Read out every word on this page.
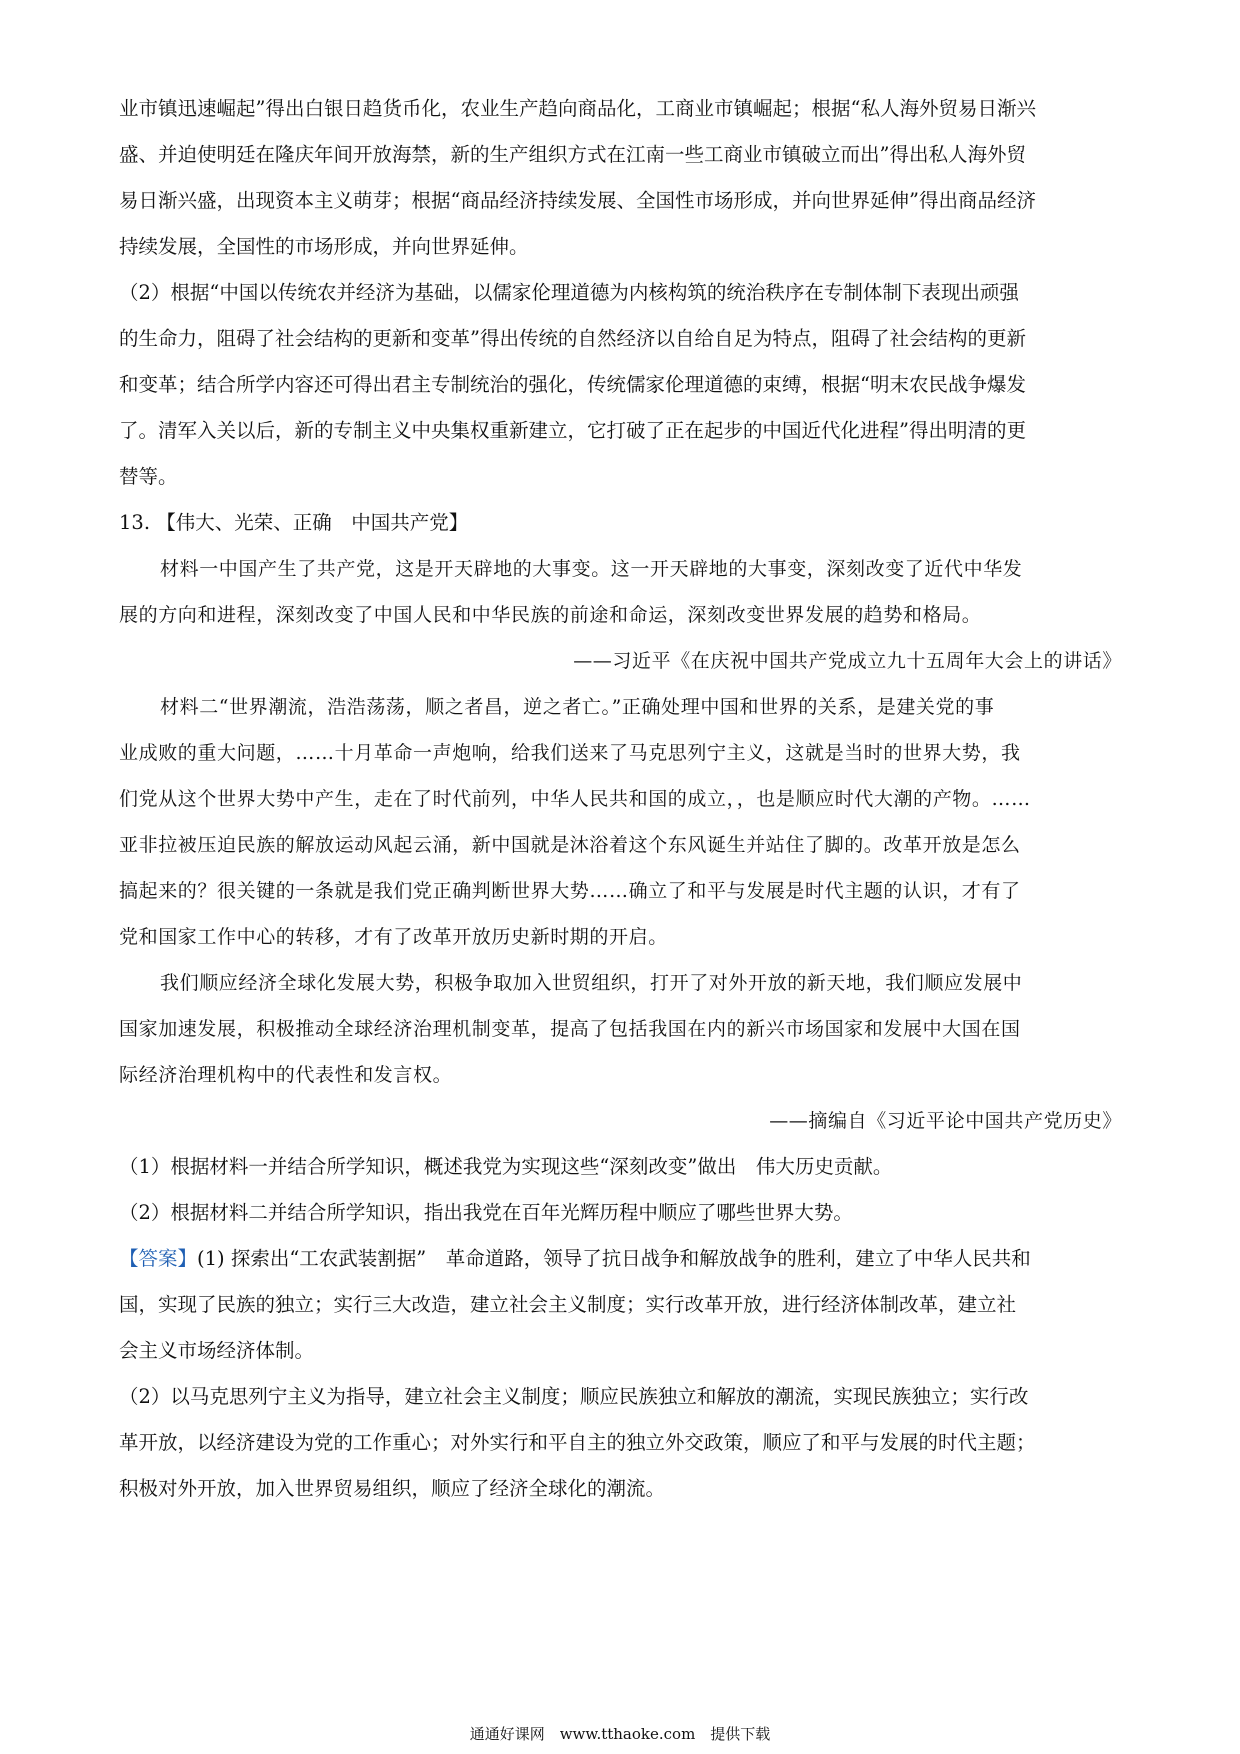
业市镇迅速崛起”得出白银日趋货币化，农业生产趋向商品化，工商业市镇崛起；根据“私人海外贸易日渐兴
盛、并迫使明廷在隆庆年间开放海禁，新的生产组织方式在江南一些工商业市镇破立而出”得出私人海外贸
易日渐兴盛，出现资本主义萌芽；根据“商品经济持续发展、全国性市场形成，并向世界延伸”得出商品经济
持续发展，全国性的市场形成，并向世界延伸。
（2）根据“中国以传统农并经济为基础，以儒家伦理道德为内核构筑的统治秩序在专制体制下表现出顽强
的生命力，阻碍了社会结构的更新和变革”得出传统的自然经济以自给自足为特点，阻碍了社会结构的更新
和变革；结合所学内容还可得出君主专制统治的强化，传统儒家伦理道德的束缚，根据“明末农民战争爆发
了。清军入关以后，新的专制主义中央集权重新建立，它打破了正在起步的中国近代化进程”得出明清的更
替等。
13. 【伟大、光荣、正确　中国共产党】
材料一中国产生了共产党，这是开天辟地的大事变。这一开天辟地的大事变，深刻改变了近代中华发
展的方向和进程，深刻改变了中国人民和中华民族的前途和命运，深刻改变世界发展的趋势和格局。
——习近平《在庆祝中国共产党成立九十五周年大会上的讲话》
材料二“世界潮流，浩浩荡荡，顺之者昌，逆之者亡。”正确处理中国和世界的关系，是建关党的事
业成败的重大问题，……十月革命一声炮响，给我们送来了马克思列宁主义，这就是当时的世界大势，我
们党从这个世界大势中产生，走在了时代前列，中华人民共和国的成立，，也是顺应时代大潮的产物。……
亚非拉被压迫民族的解放运动风起云涌，新中国就是沐浴着这个东风诞生并站住了脚的。改革开放是怎么
搞起来的？很关键的一条就是我们党正确判断世界大势……确立了和平与发展是时代主题的认识，才有了
党和国家工作中心的转移，才有了改革开放历史新时期的开启。
我们顺应经济全球化发展大势，积极争取加入世贸组织，打开了对外开放的新天地，我们顺应发展中
国家加速发展，积极推动全球经济治理机制变革，提高了包括我国在内的新兴市场国家和发展中大国在国
际经济治理机构中的代表性和发言权。
——摘编自《习近平论中国共产党历史》
（1）根据材料一并结合所学知识，概述我党为实现这些“深刻改变”做出　伟大历史贡献。
（2）根据材料二并结合所学知识，指出我党在百年光辉历程中顺应了哪些世界大势。
【答案】(1) 探索出“工农武装割据”　革命道路，领导了抗日战争和解放战争的胜利，建立了中华人民共和
国，实现了民族的独立；实行三大改造，建立社会主义制度；实行改革开放，进行经济体制改革，建立社
会主义市场经济体制。
（2）以马克思列宁主义为指导，建立社会主义制度；顺应民族独立和解放的潮流，实现民族独立；实行改
革开放，以经济建设为党的工作重心；对外实行和平自主的独立外交政策，顺应了和平与发展的时代主题；
积极对外开放，加入世界贸易组织，顺应了经济全球化的潮流。
通通好课网　www.tthaoke.com　提供下载
